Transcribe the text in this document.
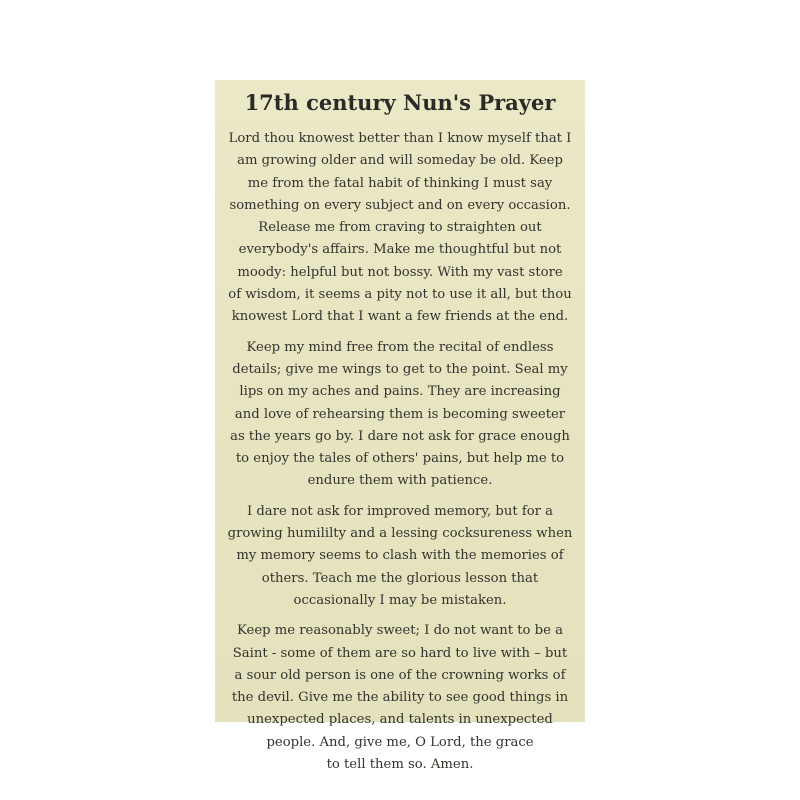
17th century Nun's Prayer
Lord thou knowest better than I know myself that I
am growing older and will someday be old. Keep
me from the fatal habit of thinking I must say
something on every subject and on every occasion.
Release me from craving to straighten out
everybody's affairs. Make me thoughtful but not
moody: helpful but not bossy. With my vast store
of wisdom, it seems a pity not to use it all, but thou
knowest Lord that I want a few friends at the end.
Keep my mind free from the recital of endless
details; give me wings to get to the point. Seal my
lips on my aches and pains. They are increasing
and love of rehearsing them is becoming sweeter
as the years go by. I dare not ask for grace enough
to enjoy the tales of others' pains, but help me to
endure them with patience.
I dare not ask for improved memory, but for a
growing humililty and a lessing cocksureness when
my memory seems to clash with the memories of
others. Teach me the glorious lesson that
occasionally I may be mistaken.
Keep me reasonably sweet; I do not want to be a
Saint - some of them are so hard to live with – but
a sour old person is one of the crowning works of
the devil. Give me the ability to see good things in
unexpected places, and talents in unexpected
people. And, give me, O Lord, the grace
to tell them so. Amen.
